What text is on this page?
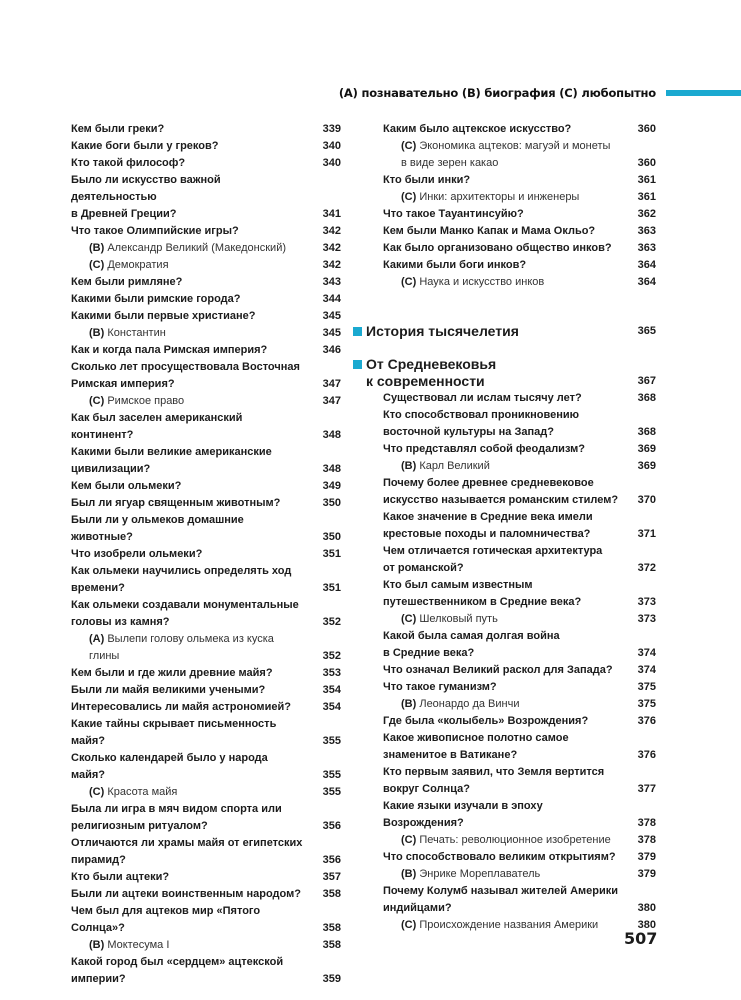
(A) познавательно (B) биография (C) любопытно
Кем были греки?	339
Какие боги были у греков?	340
Кто такой философ?	340
Было ли искусство важной деятельностью
в Древней Греции?	341
Что такое Олимпийские игры?	342
(B) Александр Великий (Македонский)	342
(C) Демократия	342
Кем были римляне?	343
Какими были римские города?	344
Какими были первые христиане?	345
(B) Константин	345
Как и когда пала Римская империя?	346
Сколько лет просуществовала Восточная
Римская империя?	347
(C) Римское право	347
Как был заселен американский континент?	348
Какими были великие американские
цивилизации?	348
Кем были ольмеки?	349
Был ли ягуар священным животным?	350
Были ли у ольмеков домашние животные?	350
Что изобрели ольмеки?	351
Как ольмеки научились определять ход
времени?	351
Как ольмеки создавали монументальные
головы из камня?	352
(A) Вылепи голову ольмека из куска глины	352
Кем были и где жили древние майя?	353
Были ли майя великими учеными?	354
Интересовались ли майя астрономией?	354
Какие тайны скрывает письменность
майя?	355
Сколько календарей было у народа
майя?	355
(C) Красота майя	355
Была ли игра в мяч видом спорта или
религиозным ритуалом?	356
Отличаются ли храмы майя от египетских
пирамид?	356
Кто были ацтеки?	357
Были ли ацтеки воинственным народом?	358
Чем был для ацтеков мир «Пятого
Солнца»?	358
(B) Моктесума I	358
Какой город был «сердцем» ацтекской
империи?	359
Каким было ацтекское искусство?	360
(C) Экономика ацтеков: магуэй и монеты
в виде зерен какао	360
Кто были инки?	361
(C) Инки: архитекторы и инженеры	361
Что такое Тауантинсуйю?	362
Кем были Манко Капак и Мама Окльо?	363
Как было организовано общество инков?	363
Какими были боги инков?	364
(C) Наука и искусство инков	364
История тысячелетия	365
От Средневековья
к современности	367
Существовал ли ислам тысячу лет?	368
Кто способствовал проникновению
восточной культуры на Запад?	368
Что представлял собой феодализм?	369
(B) Карл Великий	369
Почему более древнее средневековое
искусство называется романским стилем?	370
Какое значение в Средние века имели
крестовые походы и паломничества?	371
Чем отличается готическая архитектура
от романской?	372
Кто был самым известным
путешественником в Средние века?	373
(C) Шелковый путь	373
Какой была самая долгая война
в Средние века?	374
Что означал Великий раскол для Запада?	374
Что такое гуманизм?	375
(B) Леонардо да Винчи	375
Где была «колыбель» Возрождения?	376
Какое живописное полотно самое
знаменитое в Ватикане?	376
Кто первым заявил, что Земля вертится
вокруг Солнца?	377
Какие языки изучали в эпоху Возрождения?	378
(C) Печать: революционное изобретение	378
Что способствовало великим открытиям?	379
(B) Энрике Мореплаватель	379
Почему Колумб называл жителей Америки
индийцами?	380
(C) Происхождение названия Америки	380
507
